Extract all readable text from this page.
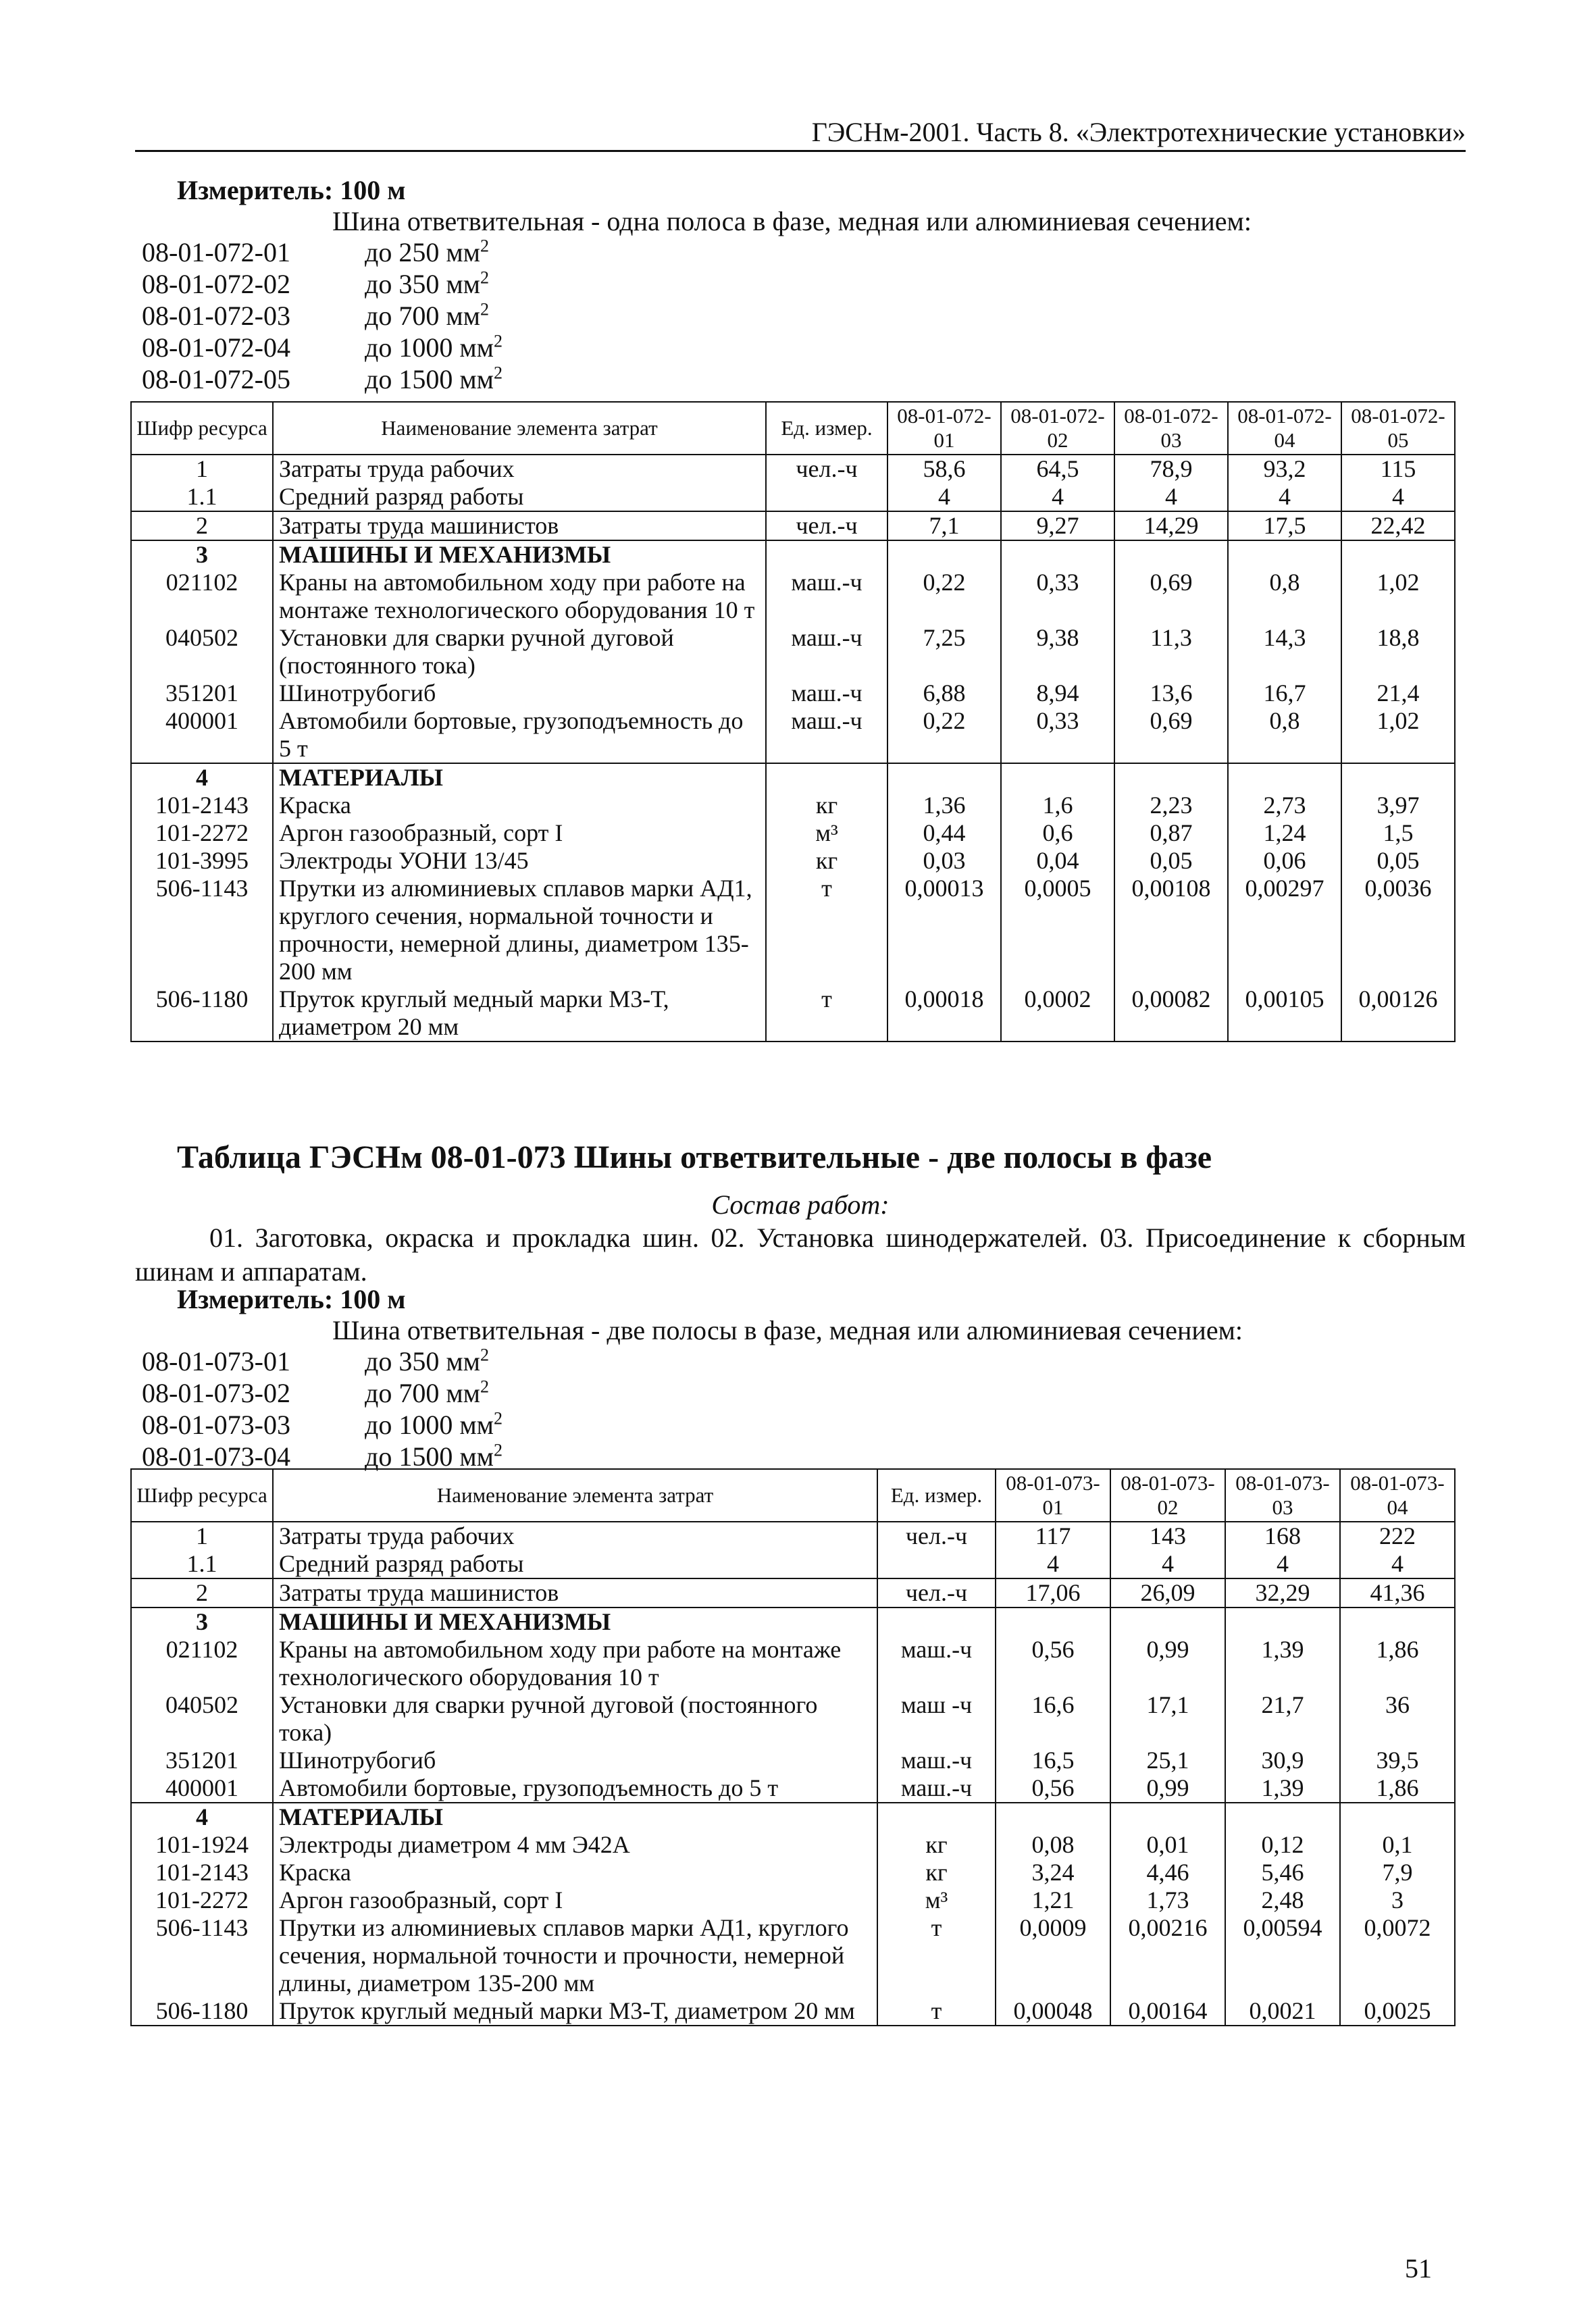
ГЭСНм-2001. Часть 8. «Электротехнические установки»
Измеритель: 100 м
Шина ответвительная - одна полоса в фазе, медная или алюминиевая сечением:
08-01-072-01	до 250 $мм^2$
08-01-072-02	до 350 $мм^2$
08-01-072-03	до 700 $мм^2$
08-01-072-04	до 1000 $мм^2$
08-01-072-05	до 1500 $мм^2$
Шифр ресурса	Наименование элемента затрат	Ед. измер.	08-01-072-01	08-01-072-02	08-01-072-03	08-01-072-04	08-01-072-05
1	Затраты труда рабочих	чел.-ч	58,6	64,5	78,9	93,2	115
1.1	Средний разряд работы		4	4	4	4	4
2	Затраты труда машинистов	чел.-ч	7,1	9,27	14,29	17,5	22,42
3	МАШИНЫ И МЕХАНИЗМЫ						
021102	Краны на автомобильном ходу при работе на монтаже технологического оборудования 10 т	маш.-ч	0,22	0,33	0,69	0,8	1,02
040502	Установки для сварки ручной дуговой (постоянного тока)	маш.-ч	7,25	9,38	11,3	14,3	18,8
351201	Шинотрубогиб	маш.-ч	6,88	8,94	13,6	16,7	21,4
400001	Автомобили бортовые, грузоподъемность до 5 т	маш.-ч	0,22	0,33	0,69	0,8	1,02
4	МАТЕРИАЛЫ						
101-2143	Краска	кг	1,36	1,6	2,23	2,73	3,97
101-2272	Аргон газообразный, сорт I	м³	0,44	0,6	0,87	1,24	1,5
101-3995	Электроды УОНИ 13/45	кг	0,03	0,04	0,05	0,06	0,05
506-1143	Прутки из алюминиевых сплавов марки АД1, круглого сечения, нормальной точности и прочности, немерной длины, диаметром 135-200 мм	т	0,00013	0,0005	0,00108	0,00297	0,0036
506-1180	Пруток круглый медный марки М3-Т, диаметром 20 мм	т	0,00018	0,0002	0,00082	0,00105	0,00126
Таблица ГЭСНм 08-01-073 Шины ответвительные - две полосы в фазе
Состав работ:
01. Заготовка, окраска и прокладка шин. 02. Установка шинодержателей. 03. Присоединение к сборным шинам и аппаратам.
Измеритель: 100 м
Шина ответвительная - две полосы в фазе, медная или алюминиевая сечением:
08-01-073-01	до 350 $мм^2$
08-01-073-02	до 700 $мм^2$
08-01-073-03	до 1000 $мм^2$
08-01-073-04	до 1500 $мм^2$
Шифр ресурса	Наименование элемента затрат	Ед. измер.	08-01-073-01	08-01-073-02	08-01-073-03	08-01-073-04
1	Затраты труда рабочих	чел.-ч	117	143	168	222
1.1	Средний разряд работы		4	4	4	4
2	Затраты труда машинистов	чел.-ч	17,06	26,09	32,29	41,36
3	МАШИНЫ И МЕХАНИЗМЫ					
021102	Краны на автомобильном ходу при работе на монтаже технологического оборудования 10 т	маш.-ч	0,56	0,99	1,39	1,86
040502	Установки для сварки ручной дуговой (постоянного тока)	маш -ч	16,6	17,1	21,7	36
351201	Шинотрубогиб	маш.-ч	16,5	25,1	30,9	39,5
400001	Автомобили бортовые, грузоподъемность до 5 т	маш.-ч	0,56	0,99	1,39	1,86
4	МАТЕРИАЛЫ					
101-1924	Электроды диаметром 4 мм Э42А	кг	0,08	0,01	0,12	0,1
101-2143	Краска	кг	3,24	4,46	5,46	7,9
101-2272	Аргон газообразный, сорт I	м³	1,21	1,73	2,48	3
506-1143	Прутки из алюминиевых сплавов марки АД1, круглого сечения, нормальной точности и прочности, немерной длины, диаметром 135-200 мм	т	0,0009	0,00216	0,00594	0,0072
506-1180	Пруток круглый медный марки М3-Т, диаметром 20 мм	т	0,00048	0,00164	0,0021	0,0025
51
